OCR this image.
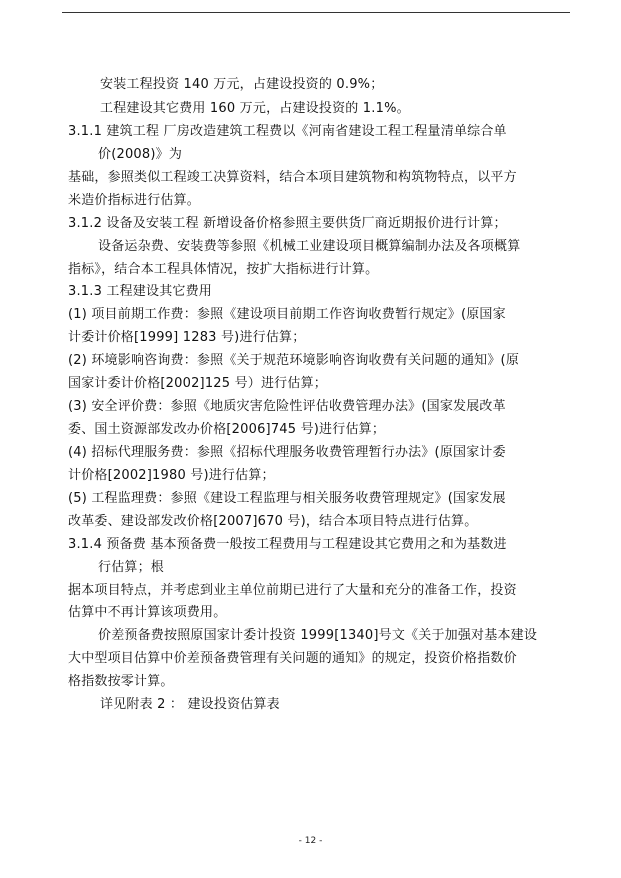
安装工程投资 140 万元，占建设投资的 0.9%；
工程建设其它费用 160 万元，占建设投资的 1.1%。
3.1.1 建筑工程 厂房改造建筑工程费以《河南省建设工程工程量清单综合单
价(2008)》为
基础，参照类似工程竣工决算资料，结合本项目建筑物和构筑物特点，以平方
米造价指标进行估算。
3.1.2 设备及安装工程 新增设备价格参照主要供货厂商近期报价进行计算；
设备运杂费、安装费等参照《机械工业建设项目概算编制办法及各项概算
指标》，结合本工程具体情况，按扩大指标进行计算。
3.1.3 工程建设其它费用
(1) 项目前期工作费：参照《建设项目前期工作咨询收费暂行规定》(原国家
计委计价格[1999] 1283 号)进行估算；
(2) 环境影响咨询费：参照《关于规范环境影响咨询收费有关问题的通知》(原
国家计委计价格[2002]125 号）进行估算；
(3) 安全评价费：参照《地质灾害危险性评估收费管理办法》(国家发展改革
委、国土资源部发改办价格[2006]745 号)进行估算；
(4) 招标代理服务费：参照《招标代理服务收费管理暂行办法》(原国家计委
计价格[2002]1980 号)进行估算；
(5) 工程监理费：参照《建设工程监理与相关服务收费管理规定》(国家发展
改革委、建设部发改价格[2007]670 号)，结合本项目特点进行估算。
3.1.4 预备费 基本预备费一般按工程费用与工程建设其它费用之和为基数进
行估算；根
据本项目特点，并考虑到业主单位前期已进行了大量和充分的准备工作，投资
估算中不再计算该项费用。
价差预备费按照原国家计委计投资 1999[1340]号文《关于加强对基本建设
大中型项目估算中价差预备费管理有关问题的通知》的规定，投资价格指数价
格指数按零计算。
详见附表 2 ： 建设投资估算表
- 12 -
